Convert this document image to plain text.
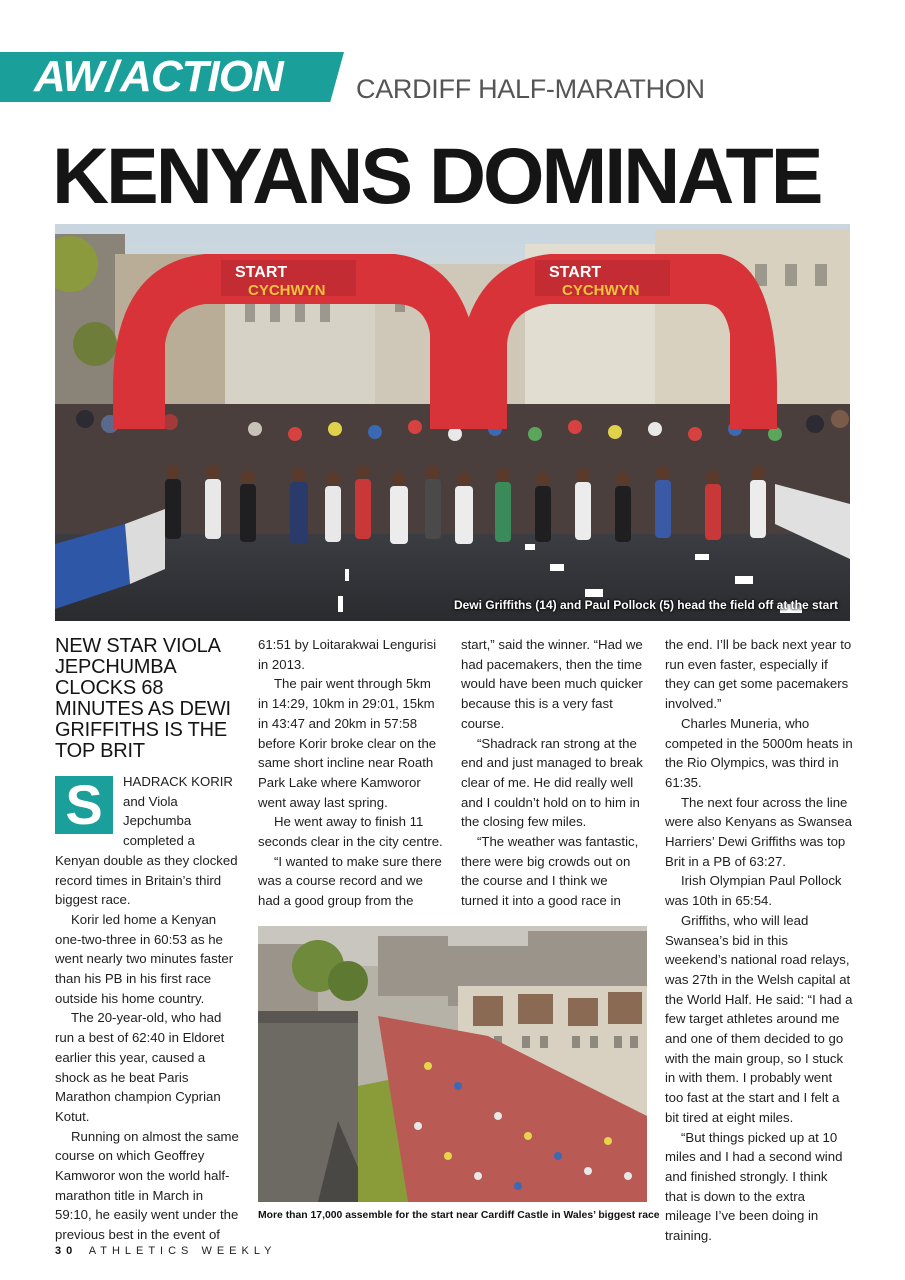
AW/ACTION	CARDIFF HALF-MARATHON
KENYANS DOMINATE
START
CYCHWYN
START
CYCHWYN
Dewi Griffiths (14) and Paul Pollock (5) head the field off at the start
NEW STAR VIOLA JEPCHUMBA CLOCKS 68 MINUTES AS DEWI GRIFFITHS IS THE TOP BRIT

S	HADRACK KORIR and Viola Jepchumba completed a Kenyan double as they clocked record times in Britain’s third biggest race.

Korir led home a Kenyan one-two-three in 60:53 as he went nearly two minutes faster than his PB in his first race outside his home country.

The 20-year-old, who had run a best of 62:40 in Eldoret earlier this year, caused a shock as he beat Paris Marathon champion Cyprian Kotut.

Running on almost the same course on which Geoffrey Kamworor won the world half-marathon title in March in 59:10, he easily went under the previous best in the event of

61:51 by Loitarakwai Lengurisi in 2013.

The pair went through 5km in 14:29, 10km in 29:01, 15km in 43:47 and 20km in 57:58 before Korir broke clear on the same short incline near Roath Park Lake where Kamworor went away last spring.

He went away to finish 11 seconds clear in the city centre.

“I wanted to make sure there was a course record and we had a good group from the

start,” said the winner. “Had we had pacemakers, then the time would have been much quicker because this is a very fast course.

“Shadrack ran strong at the end and just managed to break clear of me. He did really well and I couldn’t hold on to him in the closing few miles.

“The weather was fantastic, there were big crowds out on the course and I think we turned it into a good race in

the end. I’ll be back next year to run even faster, especially if they can get some pacemakers involved.”

Charles Muneria, who competed in the 5000m heats in the Rio Olympics, was third in 61:35.

The next four across the line were also Kenyans as Swansea Harriers’ Dewi Griffiths was top Brit in a PB of 63:27.

Irish Olympian Paul Pollock was 10th in 65:54.

Griffiths, who will lead Swansea’s bid in this weekend’s national road relays, was 27th in the Welsh capital at the World Half. He said: “I had a few target athletes around me and one of them decided to go with the main group, so I stuck in with them. I probably went too fast at the start and I felt a bit tired at eight miles.

“But things picked up at 10 miles and I had a second wind and finished strongly. I think that is down to the extra mileage I’ve been doing in training.

More than 17,000 assemble for the start near Cardiff Castle in Wales’ biggest race
30 ATHLETICS WEEKLY
